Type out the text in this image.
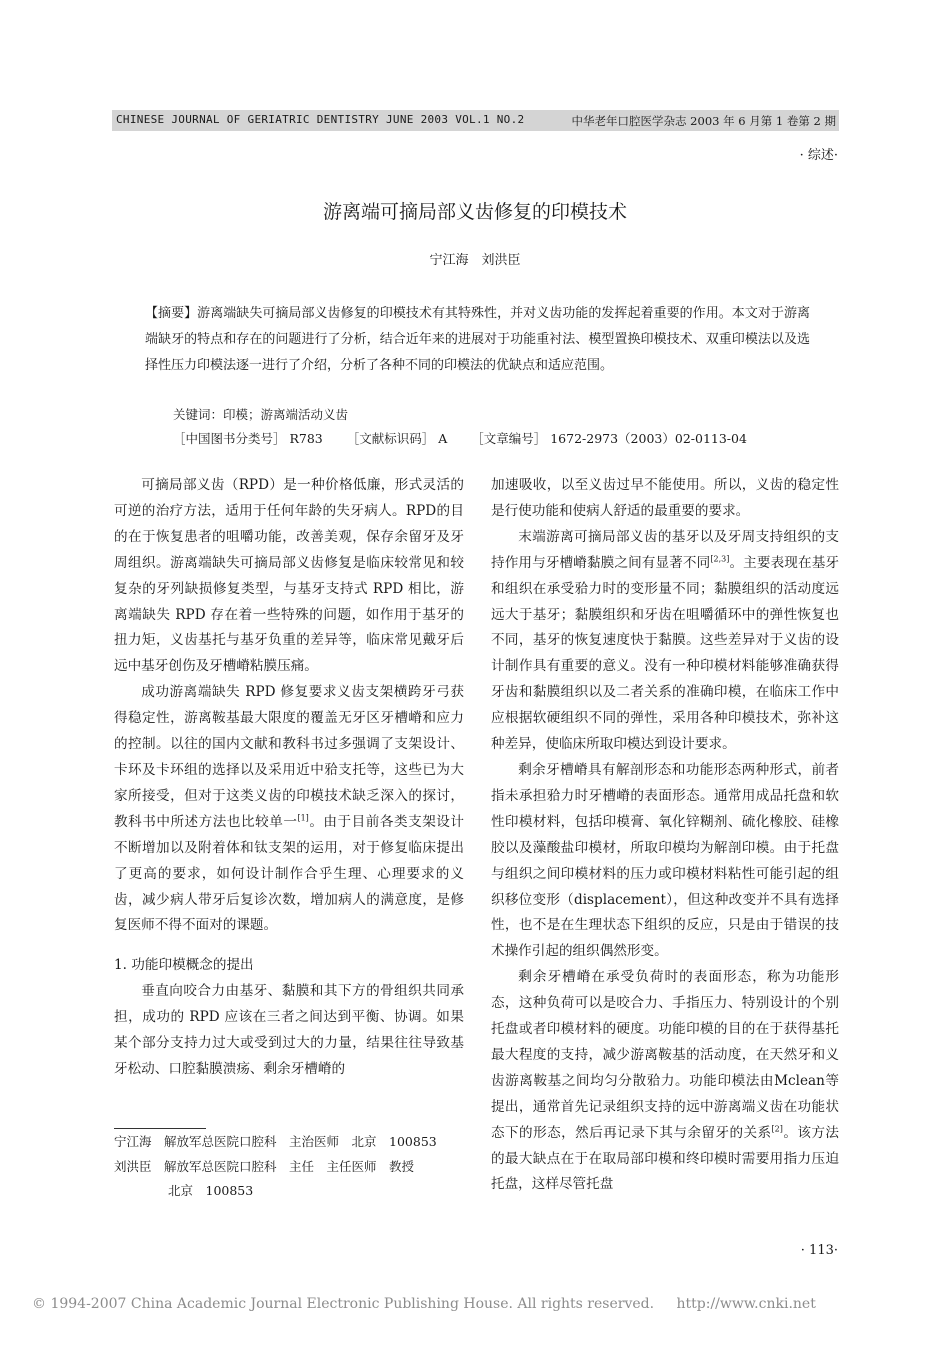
CHINESE JOURNAL OF GERIATRIC DENTISTRY JUNE 2003 VOL.1 NO.2	中华老年口腔医学杂志 2003 年 6 月第 1 卷第 2 期
· 综述·
游离端可摘局部义齿修复的印模技术
宁江海　刘洪臣
【摘要】游离端缺失可摘局部义齿修复的印模技术有其特殊性，并对义齿功能的发挥起着重要的作用。本文对于游离端缺牙的特点和存在的问题进行了分析，结合近年来的进展对于功能重衬法、模型置换印模技术、双重印模法以及选择性压力印模法逐一进行了介绍，分析了各种不同的印模法的优缺点和适应范围。
关键词：印模；游离端活动义齿
［中国图书分类号］ R783 ［文献标识码］ A ［文章编号］ 1672-2973（2003）02-0113-04

可摘局部义齿（RPD）是一种价格低廉，形式灵活的可逆的治疗方法，适用于任何年龄的失牙病人。RPD的目的在于恢复患者的咀嚼功能，改善美观，保存余留牙及牙周组织。游离端缺失可摘局部义齿修复是临床较常见和较复杂的牙列缺损修复类型，与基牙支持式 RPD 相比，游离端缺失 RPD 存在着一些特殊的问题，如作用于基牙的扭力矩，义齿基托与基牙负重的差异等，临床常见戴牙后远中基牙创伤及牙槽嵴粘膜压痛。

成功游离端缺失 RPD 修复要求义齿支架横跨牙弓获得稳定性，游离鞍基最大限度的覆盖无牙区牙槽嵴和应力的控制。以往的国内文献和教科书过多强调了支架设计、卡环及卡环组的选择以及采用近中𬌗支托等，这些已为大家所接受，但对于这类义齿的印模技术缺乏深入的探讨，教科书中所述方法也比较单一[1]。由于目前各类支架设计不断增加以及附着体和钛支架的运用，对于修复临床提出了更高的要求，如何设计制作合乎生理、心理要求的义齿，减少病人带牙后复诊次数，增加病人的满意度，是修复医师不得不面对的课题。

1. 功能印模概念的提出

垂直向咬合力由基牙、黏膜和其下方的骨组织共同承担，成功的 RPD 应该在三者之间达到平衡、协调。如果某个部分支持力过大或受到过大的力量，结果往往导致基牙松动、口腔黏膜溃疡、剩余牙槽嵴的

加速吸收，以至义齿过早不能使用。所以，义齿的稳定性是行使功能和使病人舒适的最重要的要求。

末端游离可摘局部义齿的基牙以及牙周支持组织的支持作用与牙槽嵴黏膜之间有显著不同[2,3]。主要表现在基牙和组织在承受𬌗力时的变形量不同；黏膜组织的活动度远远大于基牙；黏膜组织和牙齿在咀嚼循环中的弹性恢复也不同，基牙的恢复速度快于黏膜。这些差异对于义齿的设计制作具有重要的意义。没有一种印模材料能够准确获得牙齿和黏膜组织以及二者关系的准确印模，在临床工作中应根据软硬组织不同的弹性，采用各种印模技术，弥补这种差异，使临床所取印模达到设计要求。

剩余牙槽嵴具有解剖形态和功能形态两种形式，前者指未承担𬌗力时牙槽嵴的表面形态。通常用成品托盘和软性印模材料，包括印模膏、氧化锌糊剂、硫化橡胶、硅橡胶以及藻酸盐印模材，所取印模均为解剖印模。由于托盘与组织之间印模材料的压力或印模材料粘性可能引起的组织移位变形（displacement），但这种改变并不具有选择性，也不是在生理状态下组织的反应，只是由于错误的技术操作引起的组织偶然形变。

剩余牙槽嵴在承受负荷时的表面形态，称为功能形态，这种负荷可以是咬合力、手指压力、特别设计的个别托盘或者印模材料的硬度。功能印模的目的在于获得基托最大程度的支持，减少游离鞍基的活动度，在天然牙和义齿游离鞍基之间均匀分散𬌗力。功能印模法由Mclean等提出，通常首先记录组织支持的远中游离端义齿在功能状态下的形态，然后再记录下其与余留牙的关系[2]。该方法的最大缺点在于在取局部印模和终印模时需要用指力压迫托盘，这样尽管托盘

宁江海　解放军总医院口腔科　主治医师　北京　100853
刘洪臣　解放军总医院口腔科　主任　主任医师　教授
北京　100853
· 113·
© 1994-2007 China Academic Journal Electronic Publishing House. All rights reserved. http://www.cnki.net
